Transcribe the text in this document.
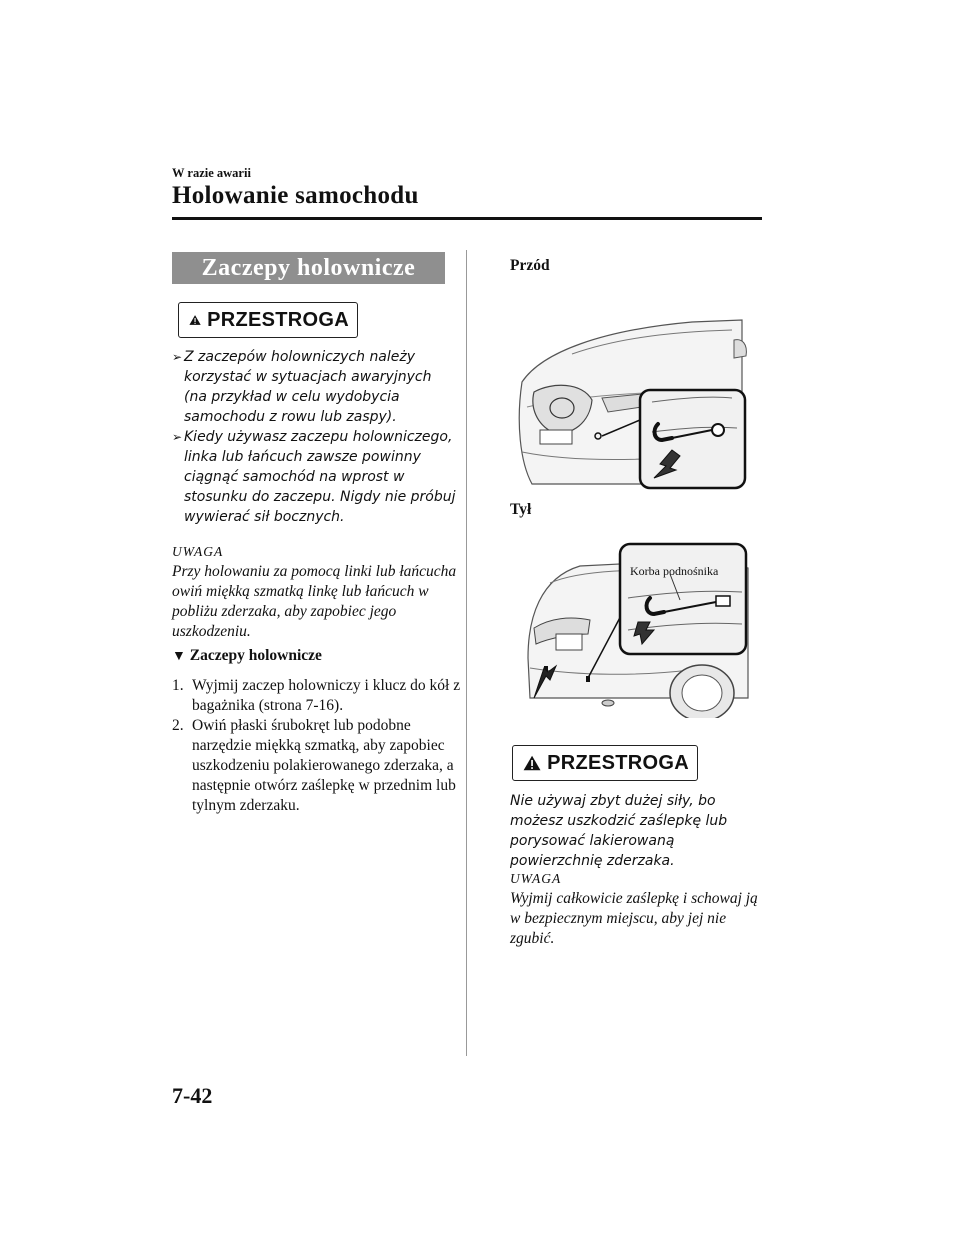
W razie awarii
Holowanie samochodu
Zaczepy holownicze
PRZESTROGA
➢ Z zaczepów holowniczych należy korzystać w sytuacjach awaryjnych (na przykład w celu wydobycia samochodu z rowu lub zaspy).
➢ Kiedy używasz zaczepu holowniczego, linka lub łańcuch zawsze powinny ciągnąć samochód na wprost w stosunku do zaczepu. Nigdy nie próbuj wywierać sił bocznych.
UWAGA
Przy holowaniu za pomocą linki lub łańcucha owiń miękką szmatką linkę lub łańcuch w pobliżu zderzaka, aby zapobiec jego uszkodzeniu.
▼ Zaczepy holownicze
1. Wyjmij zaczep holowniczy i klucz do kół z bagażnika (strona 7-16).
2. Owiń płaski śrubokręt lub podobne narzędzie miękką szmatką, aby zapobiec uszkodzeniu polakierowanego zderzaka, a następnie otwórz zaślepkę w przednim lub tylnym zderzaku.
Przód
Tył
Korba podnośnika
PRZESTROGA
Nie używaj zbyt dużej siły, bo możesz uszkodzić zaślepkę lub porysować lakierowaną powierzchnię zderzaka.
UWAGA
Wyjmij całkowicie zaślepkę i schowaj ją w bezpiecznym miejscu, aby jej nie zgubić.
7-42
